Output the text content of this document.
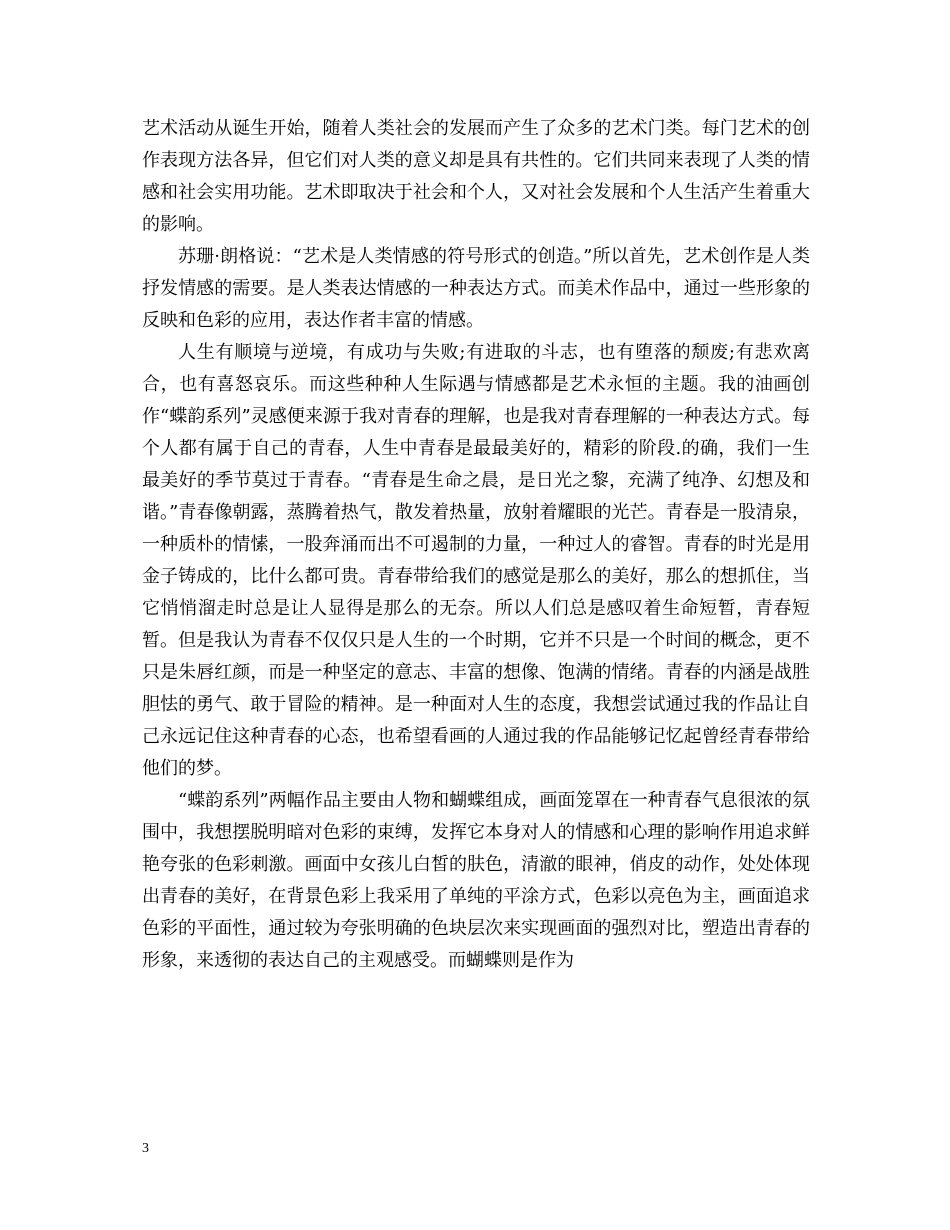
艺术活动从诞生开始，随着人类社会的发展而产生了众多的艺术门类。每门艺术的创作表现方法各异，但它们对人类的意义却是具有共性的。它们共同来表现了人类的情感和社会实用功能。艺术即取决于社会和个人，又对社会发展和个人生活产生着重大的影响。

苏珊·朗格说：“艺术是人类情感的符号形式的创造。”所以首先，艺术创作是人类抒发情感的需要。是人类表达情感的一种表达方式。而美术作品中，通过一些形象的反映和色彩的应用，表达作者丰富的情感。

人生有顺境与逆境，有成功与失败;有进取的斗志，也有堕落的颓废;有悲欢离合，也有喜怒哀乐。而这些种种人生际遇与情感都是艺术永恒的主题。我的油画创作“蝶韵系列”灵感便来源于我对青春的理解，也是我对青春理解的一种表达方式。每个人都有属于自己的青春，人生中青春是最最美好的，精彩的阶段.的确，我们一生最美好的季节莫过于青春。“青春是生命之晨，是日光之黎，充满了纯净、幻想及和谐。”青春像朝露，蒸腾着热气，散发着热量，放射着耀眼的光芒。青春是一股清泉，一种质朴的情愫，一股奔涌而出不可遏制的力量，一种过人的睿智。青春的时光是用金子铸成的，比什么都可贵。青春带给我们的感觉是那么的美好，那么的想抓住，当它悄悄溜走时总是让人显得是那么的无奈。所以人们总是感叹着生命短暂，青春短暂。但是我认为青春不仅仅只是人生的一个时期，它并不只是一个时间的概念，更不只是朱唇红颜，而是一种坚定的意志、丰富的想像、饱满的情绪。青春的内涵是战胜胆怯的勇气、敢于冒险的精神。是一种面对人生的态度，我想尝试通过我的作品让自己永远记住这种青春的心态，也希望看画的人通过我的作品能够记忆起曾经青春带给他们的梦。

“蝶韵系列”两幅作品主要由人物和蝴蝶组成，画面笼罩在一种青春气息很浓的氛围中，我想摆脱明暗对色彩的束缚，发挥它本身对人的情感和心理的影响作用追求鲜艳夸张的色彩刺激。画面中女孩儿白皙的肤色，清澈的眼神，俏皮的动作，处处体现出青春的美好，在背景色彩上我采用了单纯的平涂方式，色彩以亮色为主，画面追求色彩的平面性，通过较为夸张明确的色块层次来实现画面的强烈对比，塑造出青春的形象，来透彻的表达自己的主观感受。而蝴蝶则是作为

3
